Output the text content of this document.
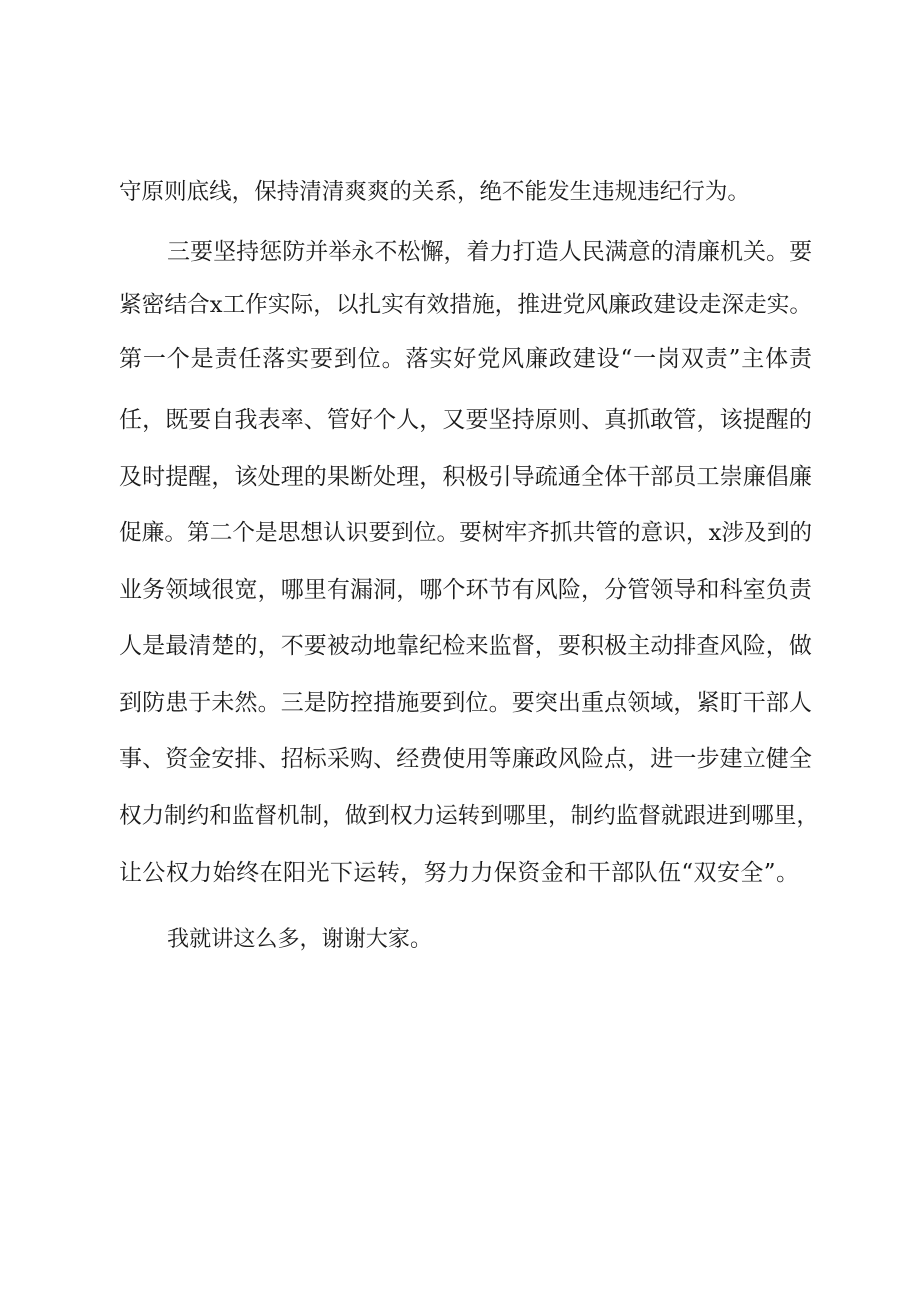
守原则底线，保持清清爽爽的关系，绝不能发生违规违纪行为。
三要坚持惩防并举永不松懈，着力打造人民满意的清廉机关。要
紧密结合x工作实际，以扎实有效措施，推进党风廉政建设走深走实。
第一个是责任落实要到位。落实好党风廉政建设“一岗双责”主体责
任，既要自我表率、管好个人，又要坚持原则、真抓敢管，该提醒的
及时提醒，该处理的果断处理，积极引导疏通全体干部员工崇廉倡廉
促廉。第二个是思想认识要到位。要树牢齐抓共管的意识，x涉及到的
业务领域很宽，哪里有漏洞，哪个环节有风险，分管领导和科室负责
人是最清楚的，不要被动地靠纪检来监督，要积极主动排查风险，做
到防患于未然。三是防控措施要到位。要突出重点领域，紧盯干部人
事、资金安排、招标采购、经费使用等廉政风险点，进一步建立健全
权力制约和监督机制，做到权力运转到哪里，制约监督就跟进到哪里，
让公权力始终在阳光下运转，努力力保资金和干部队伍“双安全”。
我就讲这么多，谢谢大家。
